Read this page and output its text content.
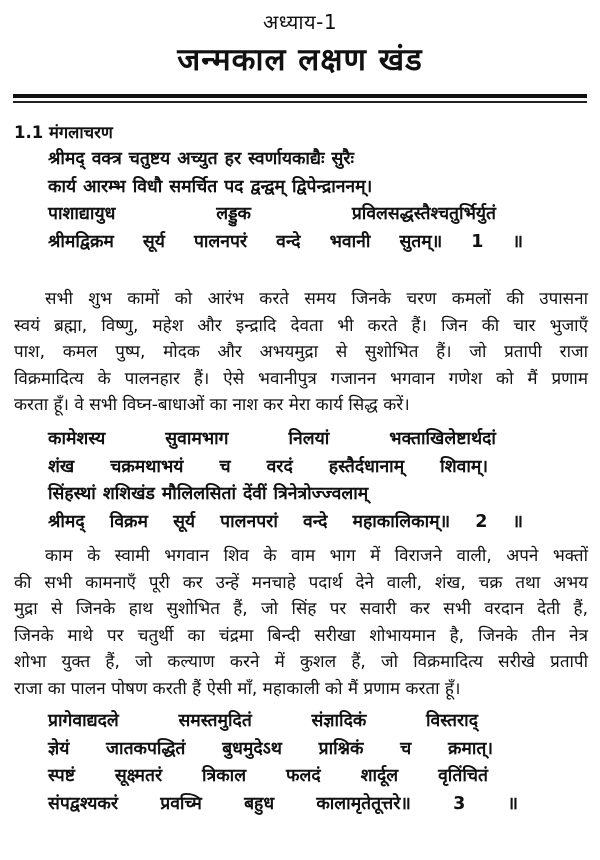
अध्याय-1
जन्मकाल लक्षण खंड
1.1 मंगलाचरण
श्रीमद् वक्त्र चतुष्टय अच्युत हर स्वर्णायकाद्यैः सुरैः
कार्य आरम्भ विधौ समर्चित पद द्वन्द्वम् द्विपेन्द्राननम्।
पाशाद्यायुध	लड्डुक	प्रविलसद्धस्तैश्चतुर्भिर्युतं
श्रीमद्विक्रम सूर्य पालनपरं वन्दे भवानी सुतम्॥ 1 ॥
सभी शुभ कामों को आरंभ करते समय जिनके चरण कमलों की उपासना
स्वयं ब्रह्मा, विष्णु, महेश और इन्द्रादि देवता भी करते हैं। जिन की चार भुजाएँ
पाश, कमल पुष्प, मोदक और अभयमुद्रा से सुशोभित हैं। जो प्रतापी राजा
विक्रमादित्य के पालनहार हैं। ऐसे भवानीपुत्र गजानन भगवान गणेश को मैं प्रणाम
करता हूँ। वे सभी विघ्न-बाधाओं का नाश कर मेरा कार्य सिद्ध करें।
कामेशस्य	सुवामभाग	निलयां	भक्ताखिलेष्टार्थदां
शंख चक्रमथाभयं च वरदं हस्तैर्दधानाम् शिवाम्।
सिंहस्थां शशिखंड मौलिलसितां देंवीं त्रिनेत्रोज्ज्वलाम्
श्रीमद् विक्रम सूर्य पालनपरां वन्दे महाकालिकाम्॥ 2 ॥
काम के स्वामी भगवान शिव के वाम भाग में विराजने वाली, अपने भक्तों
की सभी कामनाएँ पूरी कर उन्हें मनचाहे पदार्थ देने वाली, शंख, चक्र तथा अभय
मुद्रा से जिनके हाथ सुशोभित हैं, जो सिंह पर सवारी कर सभी वरदान देती हैं,
जिनके माथे पर चतुर्थी का चंद्रमा बिन्दी सरीखा शोभायमान है, जिनके तीन नेत्र
शोभा युक्त हैं, जो कल्याण करने में कुशल हैं, जो विक्रमादित्य सरीखे प्रतापी
राजा का पालन पोषण करती हैं ऐसी माँ, महाकाली को मैं प्रणाम करता हूँ।
प्रागेवाद्यदले	समस्तमुदितं	संज्ञादिकं	विस्तराद्
ज्ञेयं जातकपद्धितं बुधमुदेऽथ प्राश्निकं च क्रमात्।
स्पष्टं सूक्ष्मतरं त्रिकाल फलदं शार्दूल वृतिंचितं
संपद्वश्यकरं प्रवच्मि बहुध कालामृतेतूत्तरे॥ 3 ॥
